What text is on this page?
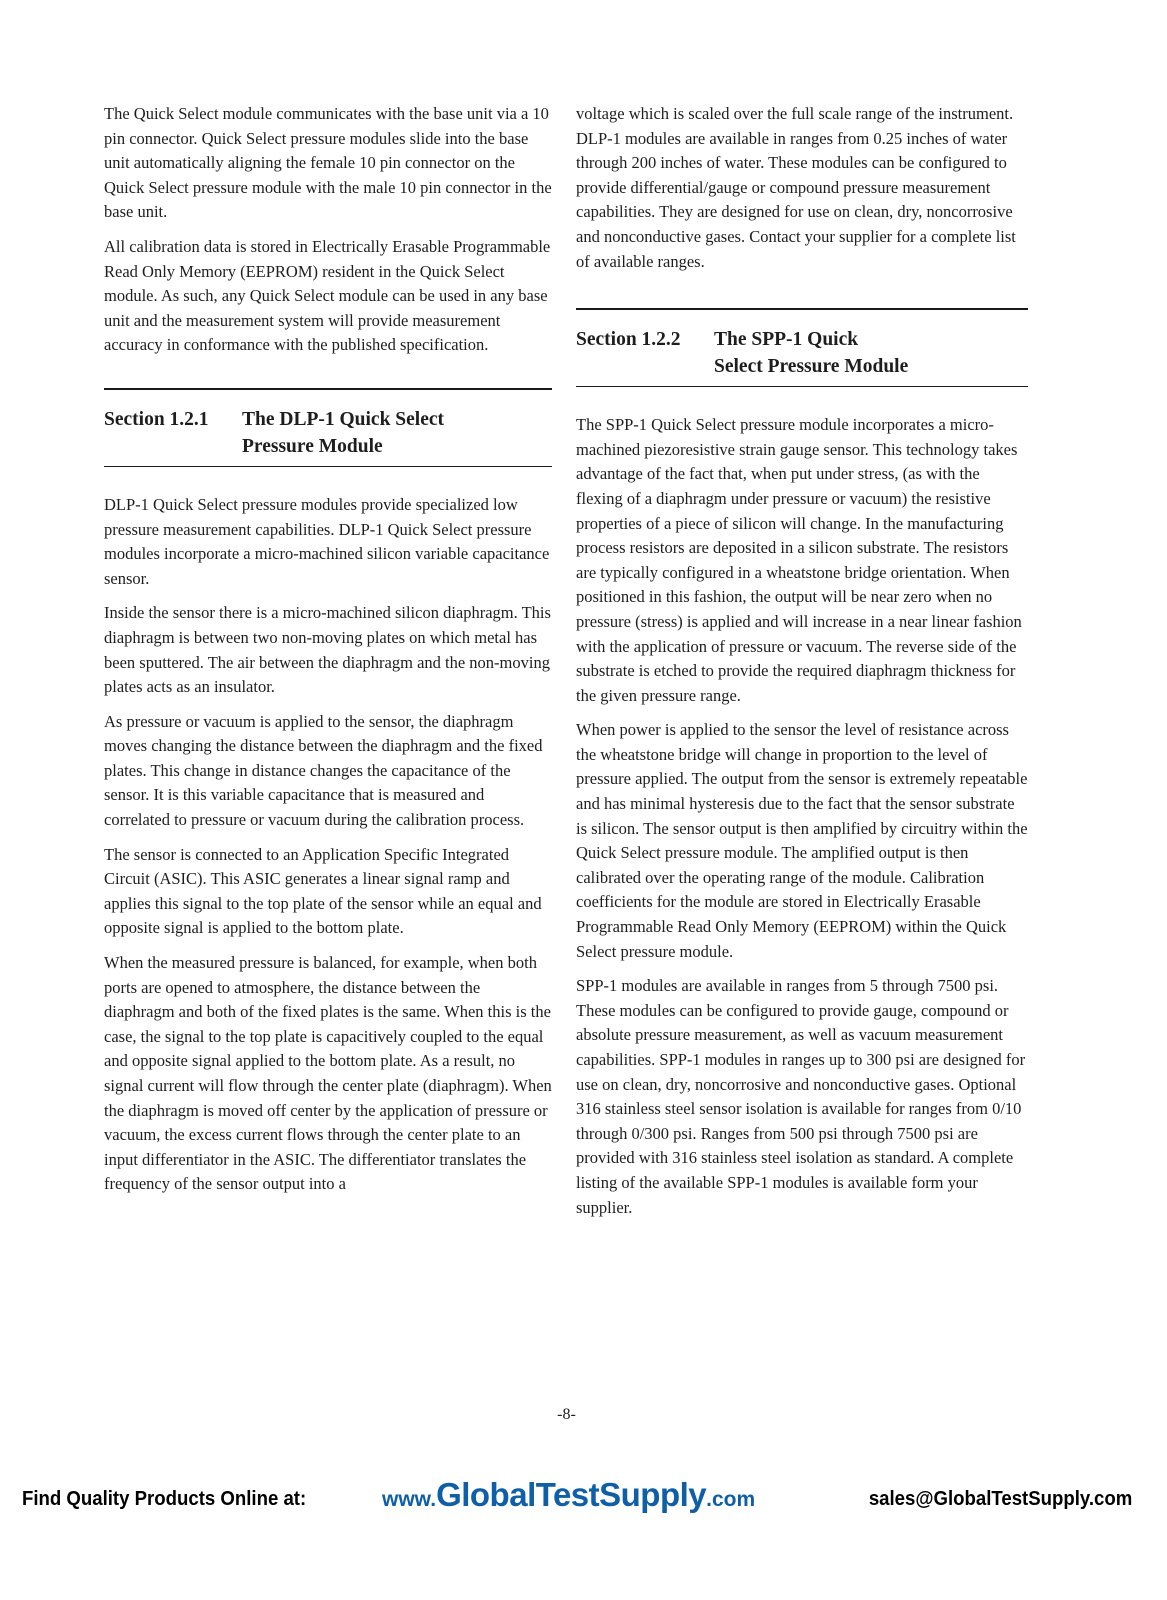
The Quick Select module communicates with the base unit via a 10 pin connector. Quick Select pressure modules slide into the base unit automatically aligning the female 10 pin connector on the Quick Select pressure module with the male 10 pin connector in the base unit.

All calibration data is stored in Electrically Erasable Programmable Read Only Memory (EEPROM) resident in the Quick Select module. As such, any Quick Select module can be used in any base unit and the measurement system will provide measurement accuracy in conformance with the published specification.

Section 1.2.1	The DLP-1 Quick Select
Pressure Module

DLP-1 Quick Select pressure modules provide specialized low pressure measurement capabilities. DLP-1 Quick Select pressure modules incorporate a micro-machined silicon variable capacitance sensor.

Inside the sensor there is a micro-machined silicon diaphragm. This diaphragm is between two non-moving plates on which metal has been sputtered. The air between the diaphragm and the non-moving plates acts as an insulator.

As pressure or vacuum is applied to the sensor, the diaphragm moves changing the distance between the diaphragm and the fixed plates. This change in distance changes the capacitance of the sensor. It is this variable capacitance that is measured and correlated to pressure or vacuum during the calibration process.

The sensor is connected to an Application Specific Integrated Circuit (ASIC). This ASIC generates a linear signal ramp and applies this signal to the top plate of the sensor while an equal and opposite signal is applied to the bottom plate.

When the measured pressure is balanced, for example, when both ports are opened to atmosphere, the distance between the diaphragm and both of the fixed plates is the same. When this is the case, the signal to the top plate is capacitively coupled to the equal and opposite signal applied to the bottom plate. As a result, no signal current will flow through the center plate (diaphragm). When the diaphragm is moved off center by the application of pressure or vacuum, the excess current flows through the center plate to an input differentiator in the ASIC. The differentiator translates the frequency of the sensor output into a

voltage which is scaled over the full scale range of the instrument. DLP-1 modules are available in ranges from 0.25 inches of water through 200 inches of water. These modules can be configured to provide differential/gauge or compound pressure measurement capabilities. They are designed for use on clean, dry, noncorrosive and nonconductive gases. Contact your supplier for a complete list of available ranges.

Section 1.2.2	The SPP-1 Quick
Select Pressure Module

The SPP-1 Quick Select pressure module incorporates a micro-machined piezoresistive strain gauge sensor. This technology takes advantage of the fact that, when put under stress, (as with the flexing of a diaphragm under pressure or vacuum) the resistive properties of a piece of silicon will change. In the manufacturing process resistors are deposited in a silicon substrate. The resistors are typically configured in a wheatstone bridge orientation. When positioned in this fashion, the output will be near zero when no pressure (stress) is applied and will increase in a near linear fashion with the application of pressure or vacuum. The reverse side of the substrate is etched to provide the required diaphragm thickness for the given pressure range.

When power is applied to the sensor the level of resistance across the wheatstone bridge will change in proportion to the level of pressure applied. The output from the sensor is extremely repeatable and has minimal hysteresis due to the fact that the sensor substrate is silicon. The sensor output is then amplified by circuitry within the Quick Select pressure module. The amplified output is then calibrated over the operating range of the module. Calibration coefficients for the module are stored in Electrically Erasable Programmable Read Only Memory (EEPROM) within the Quick Select pressure module.

SPP-1 modules are available in ranges from 5 through 7500 psi. These modules can be configured to provide gauge, compound or absolute pressure measurement, as well as vacuum measurement capabilities. SPP-1 modules in ranges up to 300 psi are designed for use on clean, dry, noncorrosive and nonconductive gases. Optional 316 stainless steel sensor isolation is available for ranges from 0/10 through 0/300 psi. Ranges from 500 psi through 7500 psi are provided with 316 stainless steel isolation as standard. A complete listing of the available SPP-1 modules is available form your supplier.

-8-
Find Quality Products Online at:	www.GlobalTestSupply.com	sales@GlobalTestSupply.com
